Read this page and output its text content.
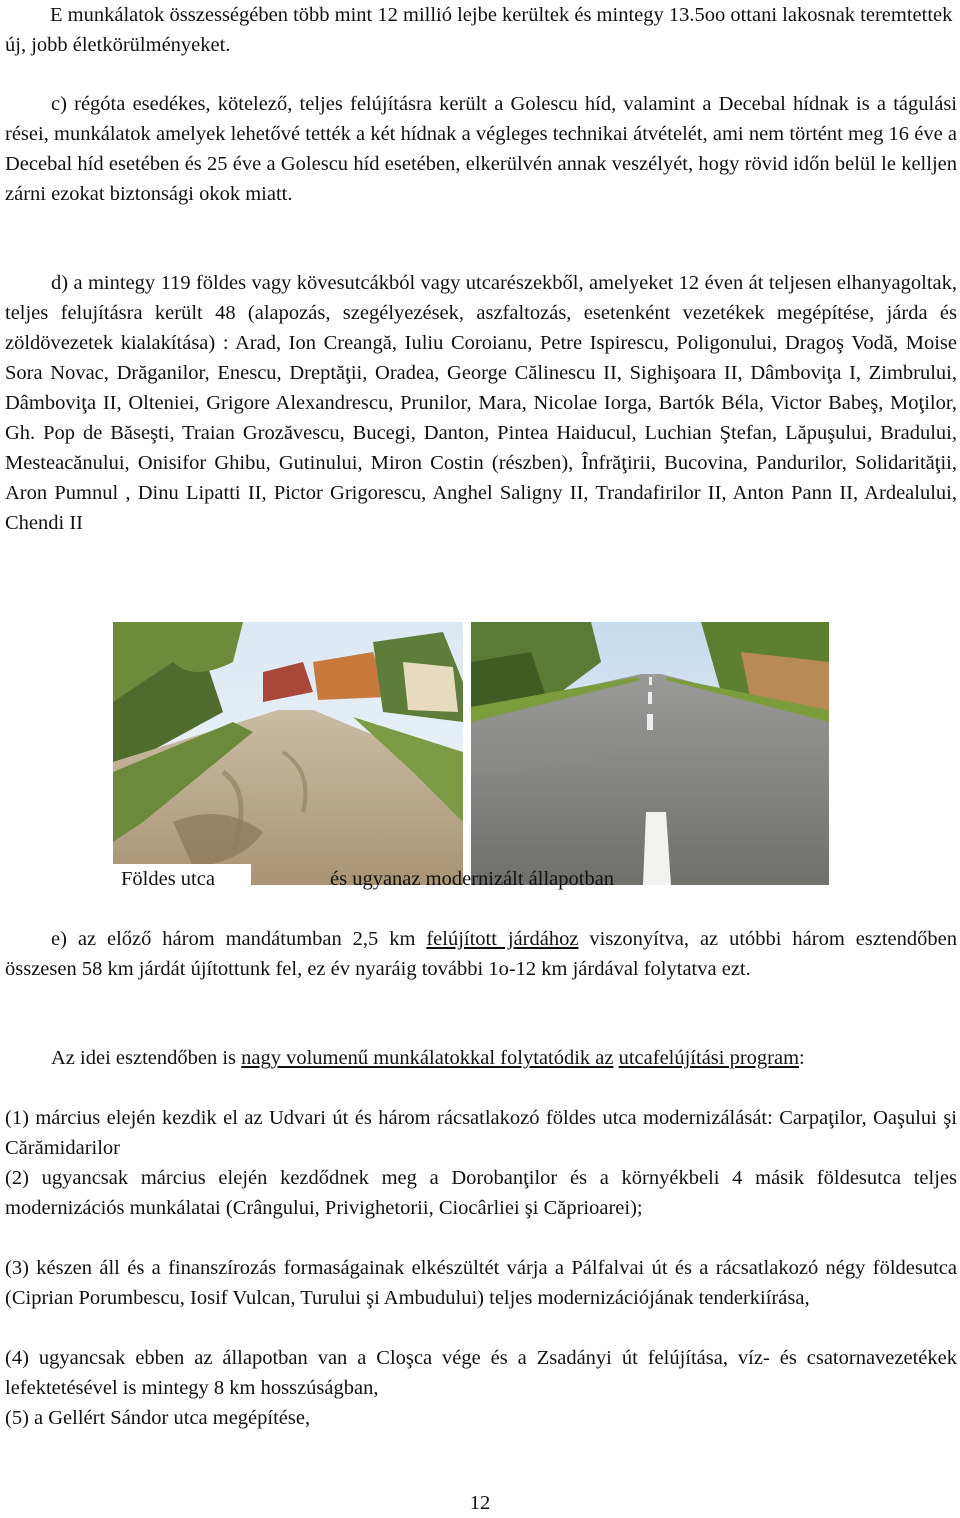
E munkálatok összességében több mint 12 millió lejbe kerültek és mintegy 13.5oo ottani lakosnak teremtettek új, jobb életkörülményeket.

c) régóta esedékes, kötelező, teljes felújításra került a Golescu híd, valamint a Decebal hídnak is a tágulási rései, munkálatok amelyek lehetővé tették a két hídnak a végleges technikai átvételét, ami nem történt meg 16 éve a Decebal híd esetében és 25 éve a Golescu híd esetében, elkerülvén annak veszélyét, hogy rövid időn belül le kelljen zárni ezokat biztonsági okok miatt.

d) a mintegy 119 földes vagy kövesutcákból vagy utcarészekből, amelyeket 12 éven át teljesen elhanyagoltak, teljes felujításra került 48 (alapozás, szegélyezések, aszfaltozás, esetenként vezetékek megépítése, járda és zöldövezetek kialakítása) : Arad, Ion Creangă, Iuliu Coroianu, Petre Ispirescu, Poligonului, Dragoş Vodă, Moise Sora Novac, Drăganilor, Enescu, Dreptăţii, Oradea, George Călinescu II, Sighişoara II, Dâmboviţa I, Zimbrului, Dâmboviţa II, Olteniei, Grigore Alexandrescu, Prunilor, Mara, Nicolae Iorga, Bartók Béla, Victor Babeş, Moţilor, Gh. Pop de Băseşti, Traian Grozăvescu, Bucegi, Danton, Pintea Haiducul, Luchian Ştefan, Lăpuşului, Bradului, Mesteacănului, Onisifor Ghibu, Gutinului, Miron Costin (részben), Înfrăţirii, Bucovina, Pandurilor, Solidarităţii, Aron Pumnul , Dinu Lipatti II, Pictor Grigorescu, Anghel Saligny II, Trandafirilor II, Anton Pann II, Ardealului, Chendi II

Földes utca	és ugyanaz modernizált állapotban

e) az előző három mandátumban 2,5 km felújított járdához viszonyítva, az utóbbi három esztendőben összesen 58 km járdát újítottunk fel, ez év nyaráig további 1o-12 km járdával folytatva ezt.

Az idei esztendőben is nagy volumenű munkálatokkal folytatódik az utcafelújítási program:

(1) március elején kezdik el az Udvari út és három rácsatlakozó földes utca modernizálását: Carpaţilor, Oaşului şi Cărămidarilor

(2) ugyancsak március elején kezdődnek meg a Dorobanţilor és a környékbeli 4 másik földesutca teljes modernizációs munkálatai (Crângului, Privighetorii, Ciocârliei şi Căprioarei);

(3) készen áll és a finanszírozás formaságainak elkészültét várja a Pálfalvai út és a rácsatlakozó négy földesutca (Ciprian Porumbescu, Iosif Vulcan, Turului şi Ambudului) teljes modernizációjának tenderkiírása,

(4) ugyancsak ebben az állapotban van a Cloşca vége és a Zsadányi út felújítása, víz- és csatornavezetékek lefektetésével is mintegy 8 km hosszúságban,

(5) a Gellért Sándor utca megépítése,

12
